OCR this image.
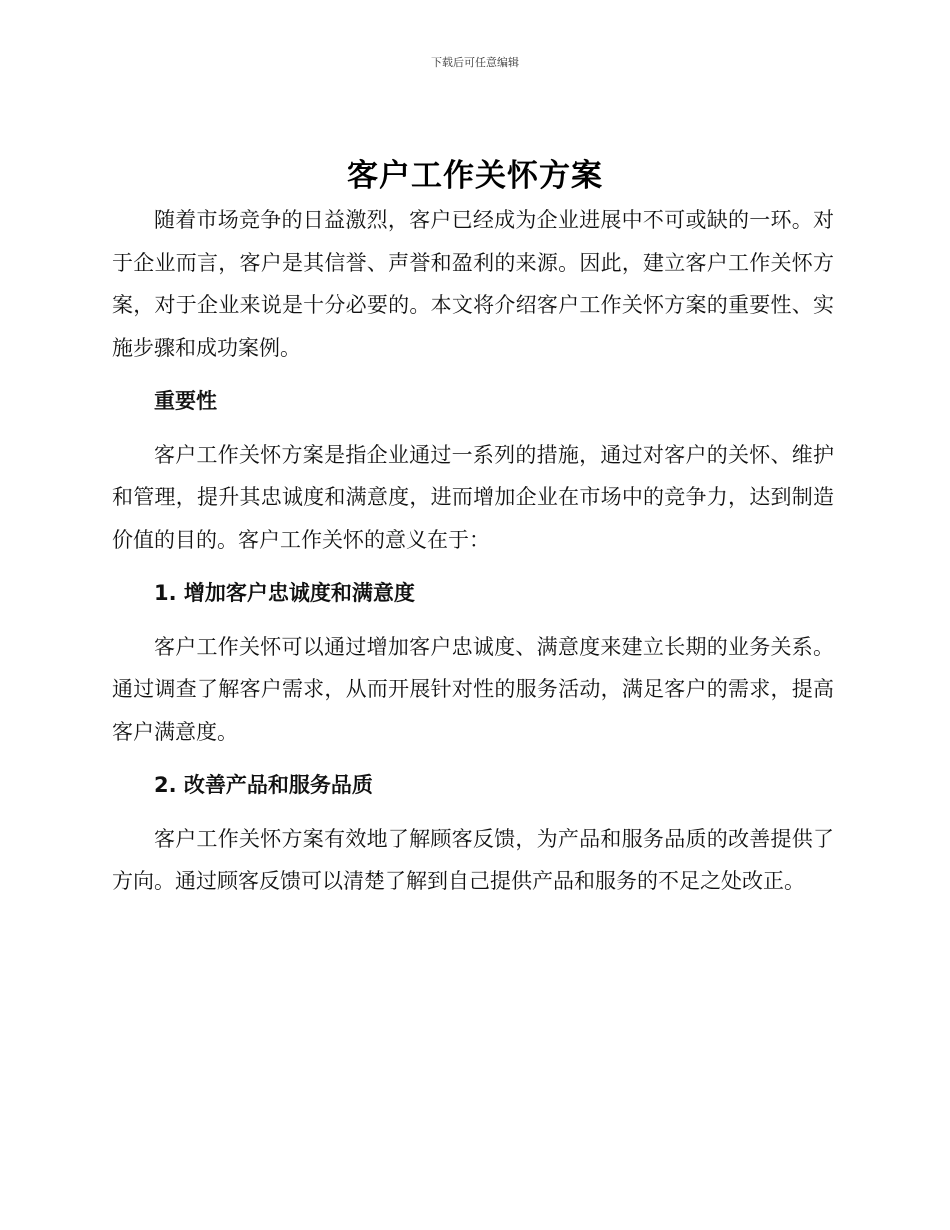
下载后可任意编辑
客户工作关怀方案

随着市场竞争的日益激烈，客户已经成为企业进展中不可或缺的一环。对于企业而言，客户是其信誉、声誉和盈利的来源。因此，建立客户工作关怀方案，对于企业来说是十分必要的。本文将介绍客户工作关怀方案的重要性、实施步骤和成功案例。

重要性

客户工作关怀方案是指企业通过一系列的措施，通过对客户的关怀、维护和管理，提升其忠诚度和满意度，进而增加企业在市场中的竞争力，达到制造价值的目的。客户工作关怀的意义在于：

1. 增加客户忠诚度和满意度

客户工作关怀可以通过增加客户忠诚度、满意度来建立长期的业务关系。通过调查了解客户需求，从而开展针对性的服务活动，满足客户的需求，提高客户满意度。

2. 改善产品和服务品质

客户工作关怀方案有效地了解顾客反馈，为产品和服务品质的改善提供了方向。通过顾客反馈可以清楚了解到自己提供产品和服务的不足之处改正。
